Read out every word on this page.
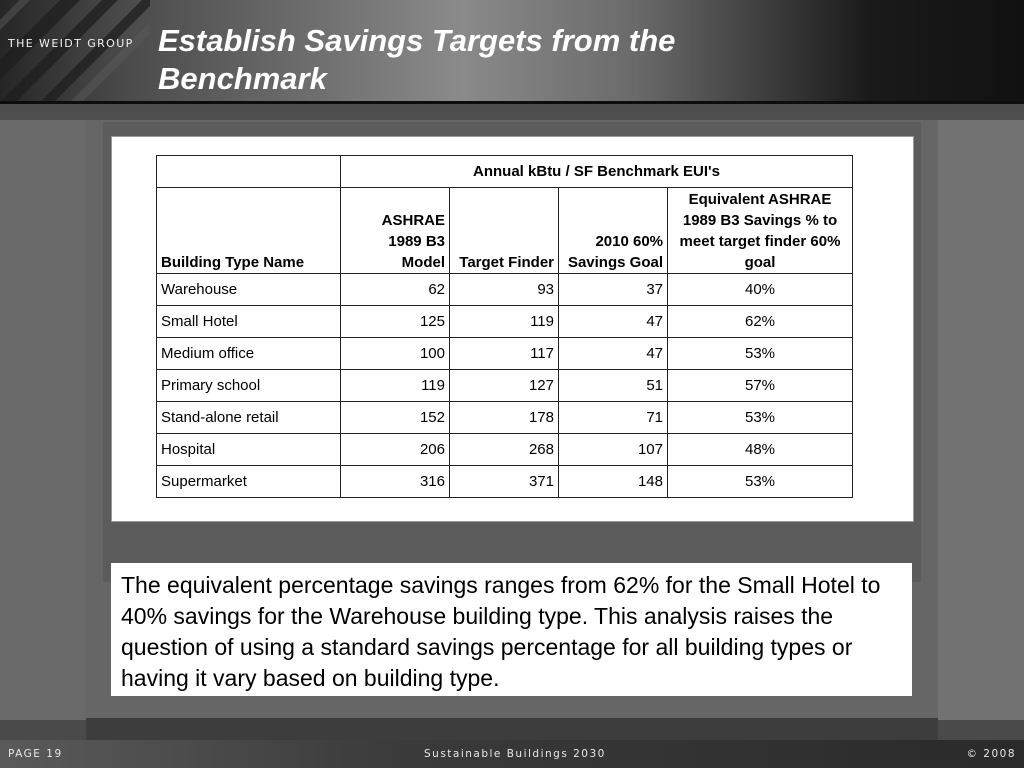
THE WEIDT GROUP Establish Savings Targets from the Benchmark
	Annual kBtu / SF Benchmark EUI's			
Building Type Name	ASHRAE 1989 B3 Model	Target Finder	2010 60% Savings Goal	Equivalent ASHRAE 1989 B3 Savings % to meet target finder 60% goal
Warehouse	62	93	37	40%
Small Hotel	125	119	47	62%
Medium office	100	117	47	53%
Primary school	119	127	51	57%
Stand-alone retail	152	178	71	53%
Hospital	206	268	107	48%
Supermarket	316	371	148	53%

The equivalent percentage savings ranges from 62% for the Small Hotel to 40% savings for the Warehouse building type. This analysis raises the question of using a standard savings percentage for all building types or having it vary based on building type.

PAGE 19	Sustainable Buildings 2030	© 2008
